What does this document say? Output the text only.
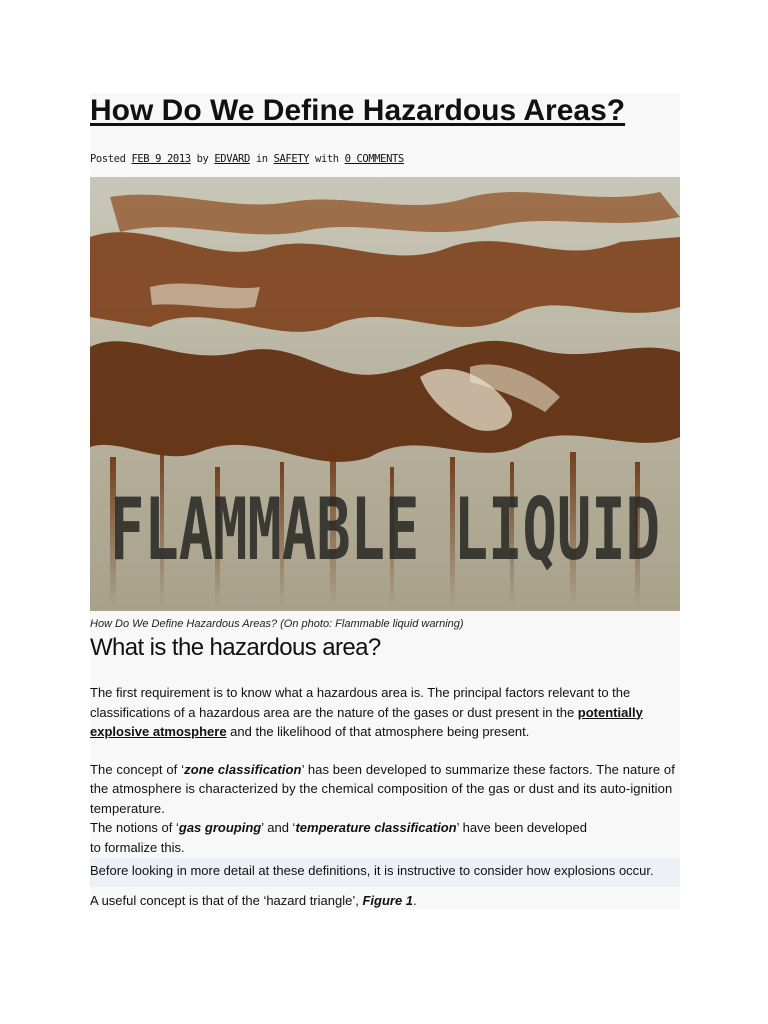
How Do We Define Hazardous Areas?
Posted FEB 9 2013 by EDVARD in SAFETY with 0 COMMENTS
FLAMMABLE LIQUID
How Do We Define Hazardous Areas? (On photo: Flammable liquid warning)
What is the hazardous area?

The first requirement is to know what a hazardous area is. The principal factors relevant to the classifications of a hazardous area are the nature of the gases or dust present in the potentially explosive atmosphere and the likelihood of that atmosphere being present.

The concept of ‘zone classification’ has been developed to summarize these factors. The nature of the atmosphere is characterized by the chemical composition of the gas or dust and its auto-ignition temperature.

The notions of ‘gas grouping’ and ‘temperature classification’ have been developed
to formalize this.

Before looking in more detail at these definitions, it is instructive to consider how explosions occur.

A useful concept is that of the ‘hazard triangle’, Figure 1.
